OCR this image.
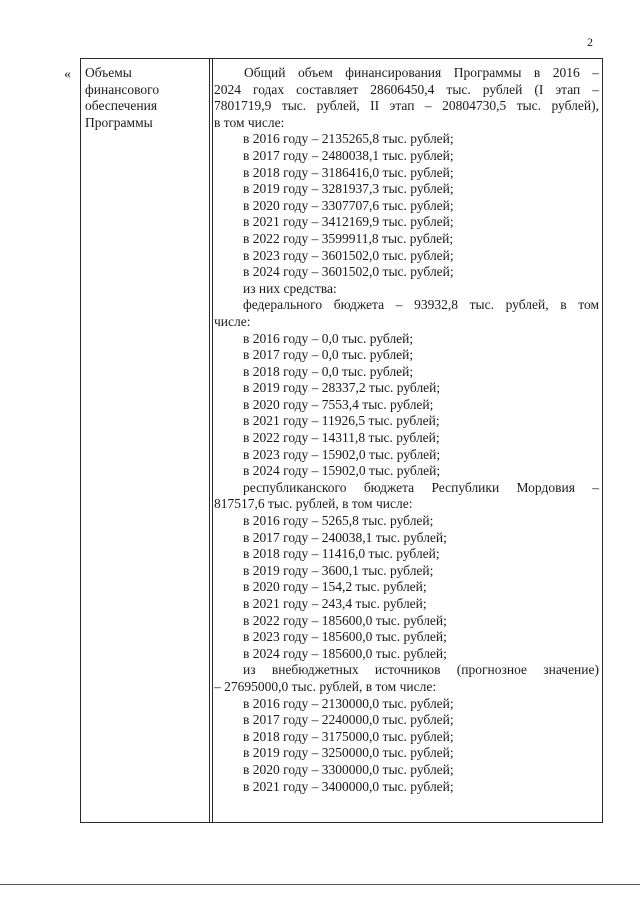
2
« Объемы
финансового
обеспечения
Программы
Общий объем финансирования Программы в 2016 –
2024 годах составляет 28606450,4 тыс. рублей (I этап –
7801719,9 тыс. рублей, II этап – 20804730,5 тыс. рублей),
в том числе:
в 2016 году – 2135265,8 тыс. рублей;
в 2017 году – 2480038,1 тыс. рублей;
в 2018 году – 3186416,0 тыс. рублей;
в 2019 году – 3281937,3 тыс. рублей;
в 2020 году – 3307707,6 тыс. рублей;
в 2021 году – 3412169,9 тыс. рублей;
в 2022 году – 3599911,8 тыс. рублей;
в 2023 году – 3601502,0 тыс. рублей;
в 2024 году – 3601502,0 тыс. рублей;
из них средства:
федерального бюджета – 93932,8 тыс. рублей, в том
числе:
в 2016 году – 0,0 тыс. рублей;
в 2017 году – 0,0 тыс. рублей;
в 2018 году – 0,0 тыс. рублей;
в 2019 году – 28337,2 тыс. рублей;
в 2020 году – 7553,4 тыс. рублей;
в 2021 году – 11926,5 тыс. рублей;
в 2022 году – 14311,8 тыс. рублей;
в 2023 году – 15902,0 тыс. рублей;
в 2024 году – 15902,0 тыс. рублей;
республиканского бюджета Республики Мордовия –
817517,6 тыс. рублей, в том числе:
в 2016 году – 5265,8 тыс. рублей;
в 2017 году – 240038,1 тыс. рублей;
в 2018 году – 11416,0 тыс. рублей;
в 2019 году – 3600,1 тыс. рублей;
в 2020 году – 154,2 тыс. рублей;
в 2021 году – 243,4 тыс. рублей;
в 2022 году – 185600,0 тыс. рублей;
в 2023 году – 185600,0 тыс. рублей;
в 2024 году – 185600,0 тыс. рублей;
из внебюджетных источников (прогнозное значение)
– 27695000,0 тыс. рублей, в том числе:
в 2016 году – 2130000,0 тыс. рублей;
в 2017 году – 2240000,0 тыс. рублей;
в 2018 году – 3175000,0 тыс. рублей;
в 2019 году – 3250000,0 тыс. рублей;
в 2020 году – 3300000,0 тыс. рублей;
в 2021 году – 3400000,0 тыс. рублей;
